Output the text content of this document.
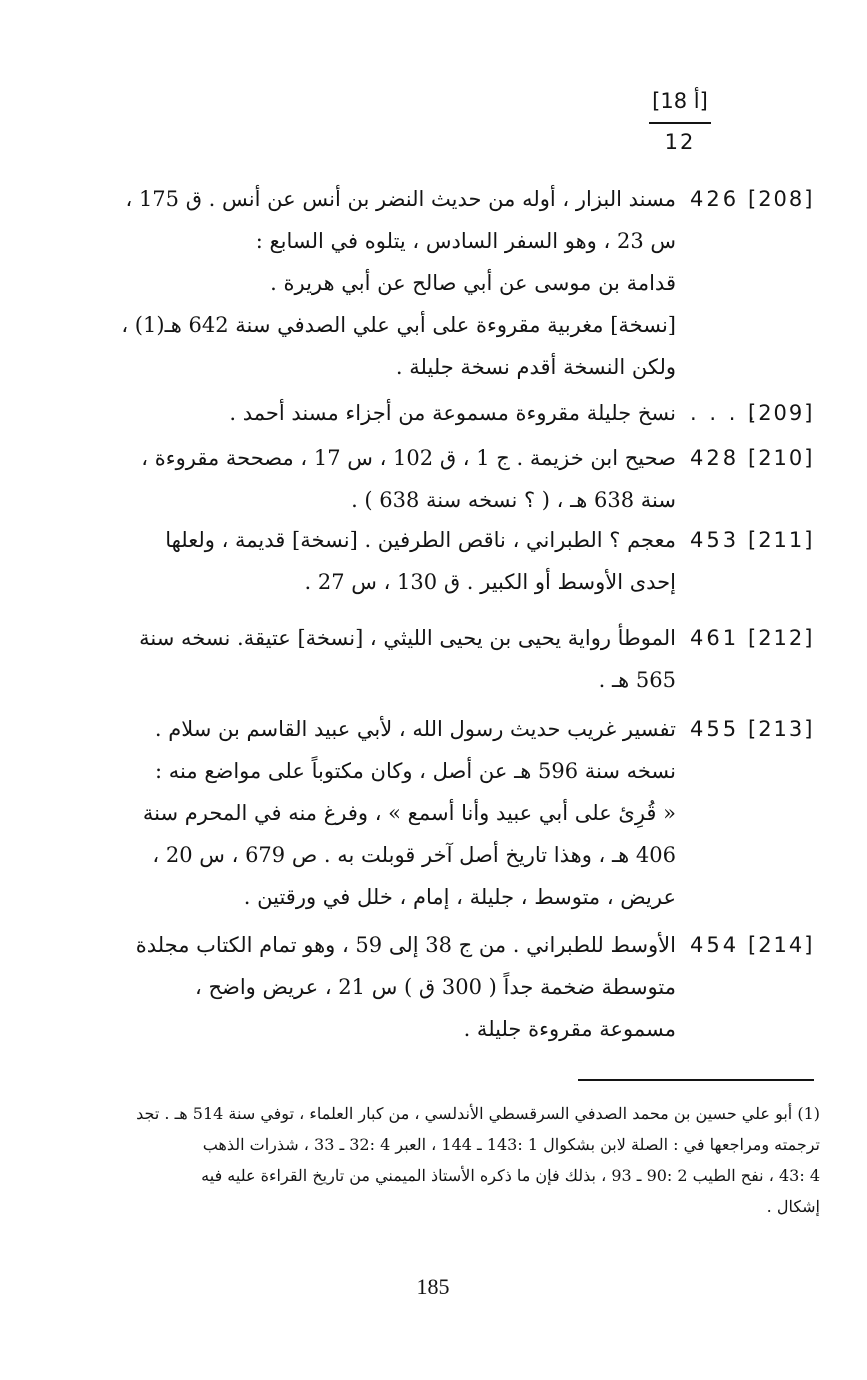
[18 أ]
12
[208]
426

مسند البزار ، أوله من حديث النضر بن أنس عن أنس . ق 175 ،

س 23 ، وهو السفر السادس ، يتلوه في السابع :

قدامة بن موسى عن أبي صالح عن أبي هريرة .

[نسخة] مغربية مقروءة على أبي علي الصدفي سنة 642 هـ(1) ،

ولكن النسخة أقدم نسخة جليلة .

[209]
. . . .

نسخ جليلة مقروءة مسموعة من أجزاء مسند أحمد .

[210]
428

صحيح ابن خزيمة . ج 1 ، ق 102 ، س 17 ، مصححة مقروءة ،

سنة 638 هـ ، ( ؟ نسخه سنة 638 ) .

[211]
453

معجم ؟ الطبراني ، ناقص الطرفين . [نسخة] قديمة ، ولعلها

إحدى الأوسط أو الكبير . ق 130 ، س 27 .

[212]
461

الموطأ رواية يحيى بن يحيى الليثي ، [نسخة] عتيقة. نسخه سنة

565 هـ .

[213]
455

تفسير غريب حديث رسول الله ، لأبي عبيد القاسم بن سلام .

نسخه سنة 596 هـ عن أصل ، وكان مكتوباً على مواضع منه :

« قُرِئ على أبي عبيد وأنا أسمع » ، وفرغ منه في المحرم سنة

406 هـ ، وهذا تاريخ أصل آخر قوبلت به . ص 679 ، س 20 ،

عريض ، متوسط ، جليلة ، إمام ، خلل في ورقتين .

[214]
454

الأوسط للطبراني . من ج 38 إلى 59 ، وهو تمام الكتاب مجلدة

متوسطة ضخمة جداً ( 300 ق ) س 21 ، عريض واضح ،

مسموعة مقروءة جليلة .

(1) أبو علي حسين بن محمد الصدفي السرقسطي الأندلسي ، من كبار العلماء ، توفي سنة 514 هـ . تجد

ترجمته ومراجعها في : الصلة لابن بشكوال 1 :143 ـ 144 ، العبر 4 :32 ـ 33 ، شذرات الذهب

4 :43 ، نفح الطيب 2 :90 ـ 93 ، بذلك فإن ما ذكره الأستاذ الميمني من تاريخ القراءة عليه فيه

إشكال .

185
